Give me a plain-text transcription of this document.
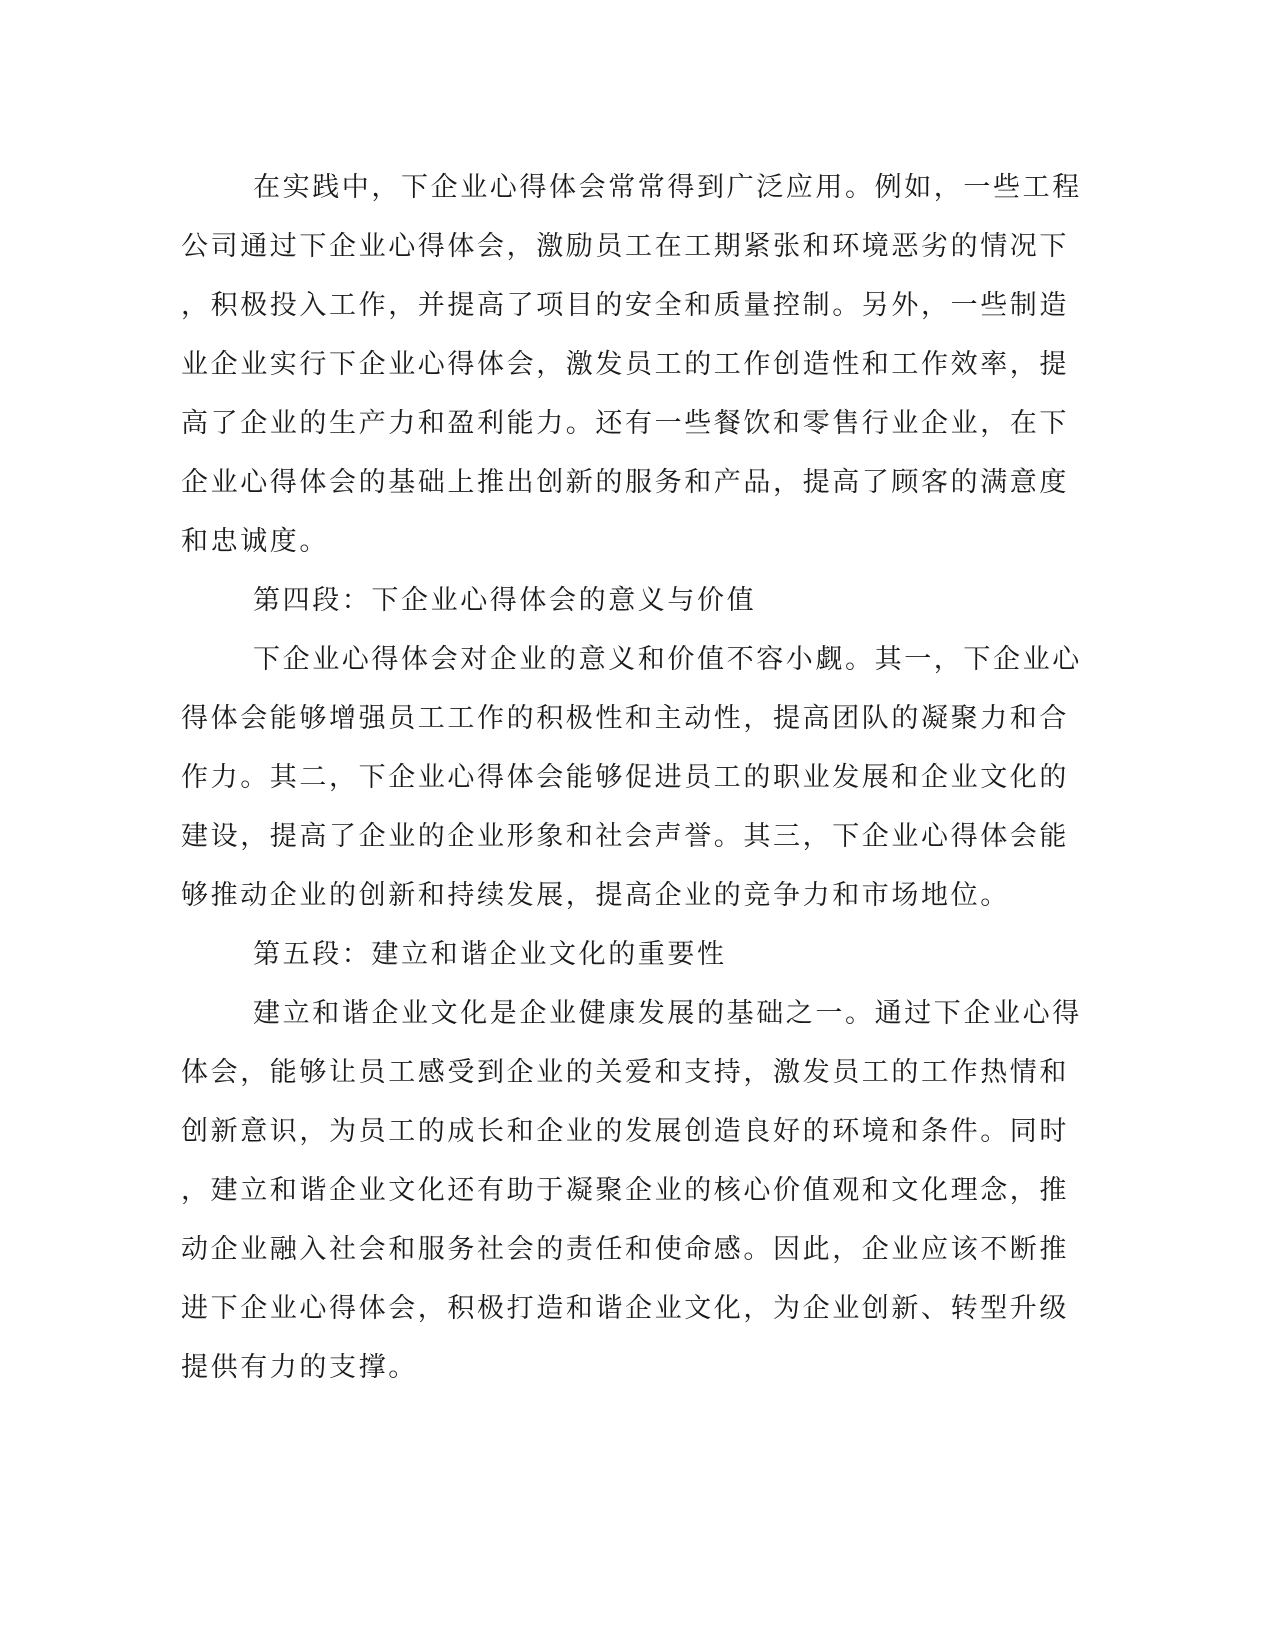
在实践中，下企业心得体会常常得到广泛应用。例如，一些工程
公司通过下企业心得体会，激励员工在工期紧张和环境恶劣的情况下
，积极投入工作，并提高了项目的安全和质量控制。另外，一些制造
业企业实行下企业心得体会，激发员工的工作创造性和工作效率，提
高了企业的生产力和盈利能力。还有一些餐饮和零售行业企业，在下
企业心得体会的基础上推出创新的服务和产品，提高了顾客的满意度
和忠诚度。
第四段：下企业心得体会的意义与价值
下企业心得体会对企业的意义和价值不容小觑。其一，下企业心
得体会能够增强员工工作的积极性和主动性，提高团队的凝聚力和合
作力。其二，下企业心得体会能够促进员工的职业发展和企业文化的
建设，提高了企业的企业形象和社会声誉。其三，下企业心得体会能
够推动企业的创新和持续发展，提高企业的竞争力和市场地位。
第五段：建立和谐企业文化的重要性
建立和谐企业文化是企业健康发展的基础之一。通过下企业心得
体会，能够让员工感受到企业的关爱和支持，激发员工的工作热情和
创新意识，为员工的成长和企业的发展创造良好的环境和条件。同时
，建立和谐企业文化还有助于凝聚企业的核心价值观和文化理念，推
动企业融入社会和服务社会的责任和使命感。因此，企业应该不断推
进下企业心得体会，积极打造和谐企业文化，为企业创新、转型升级
提供有力的支撑。
